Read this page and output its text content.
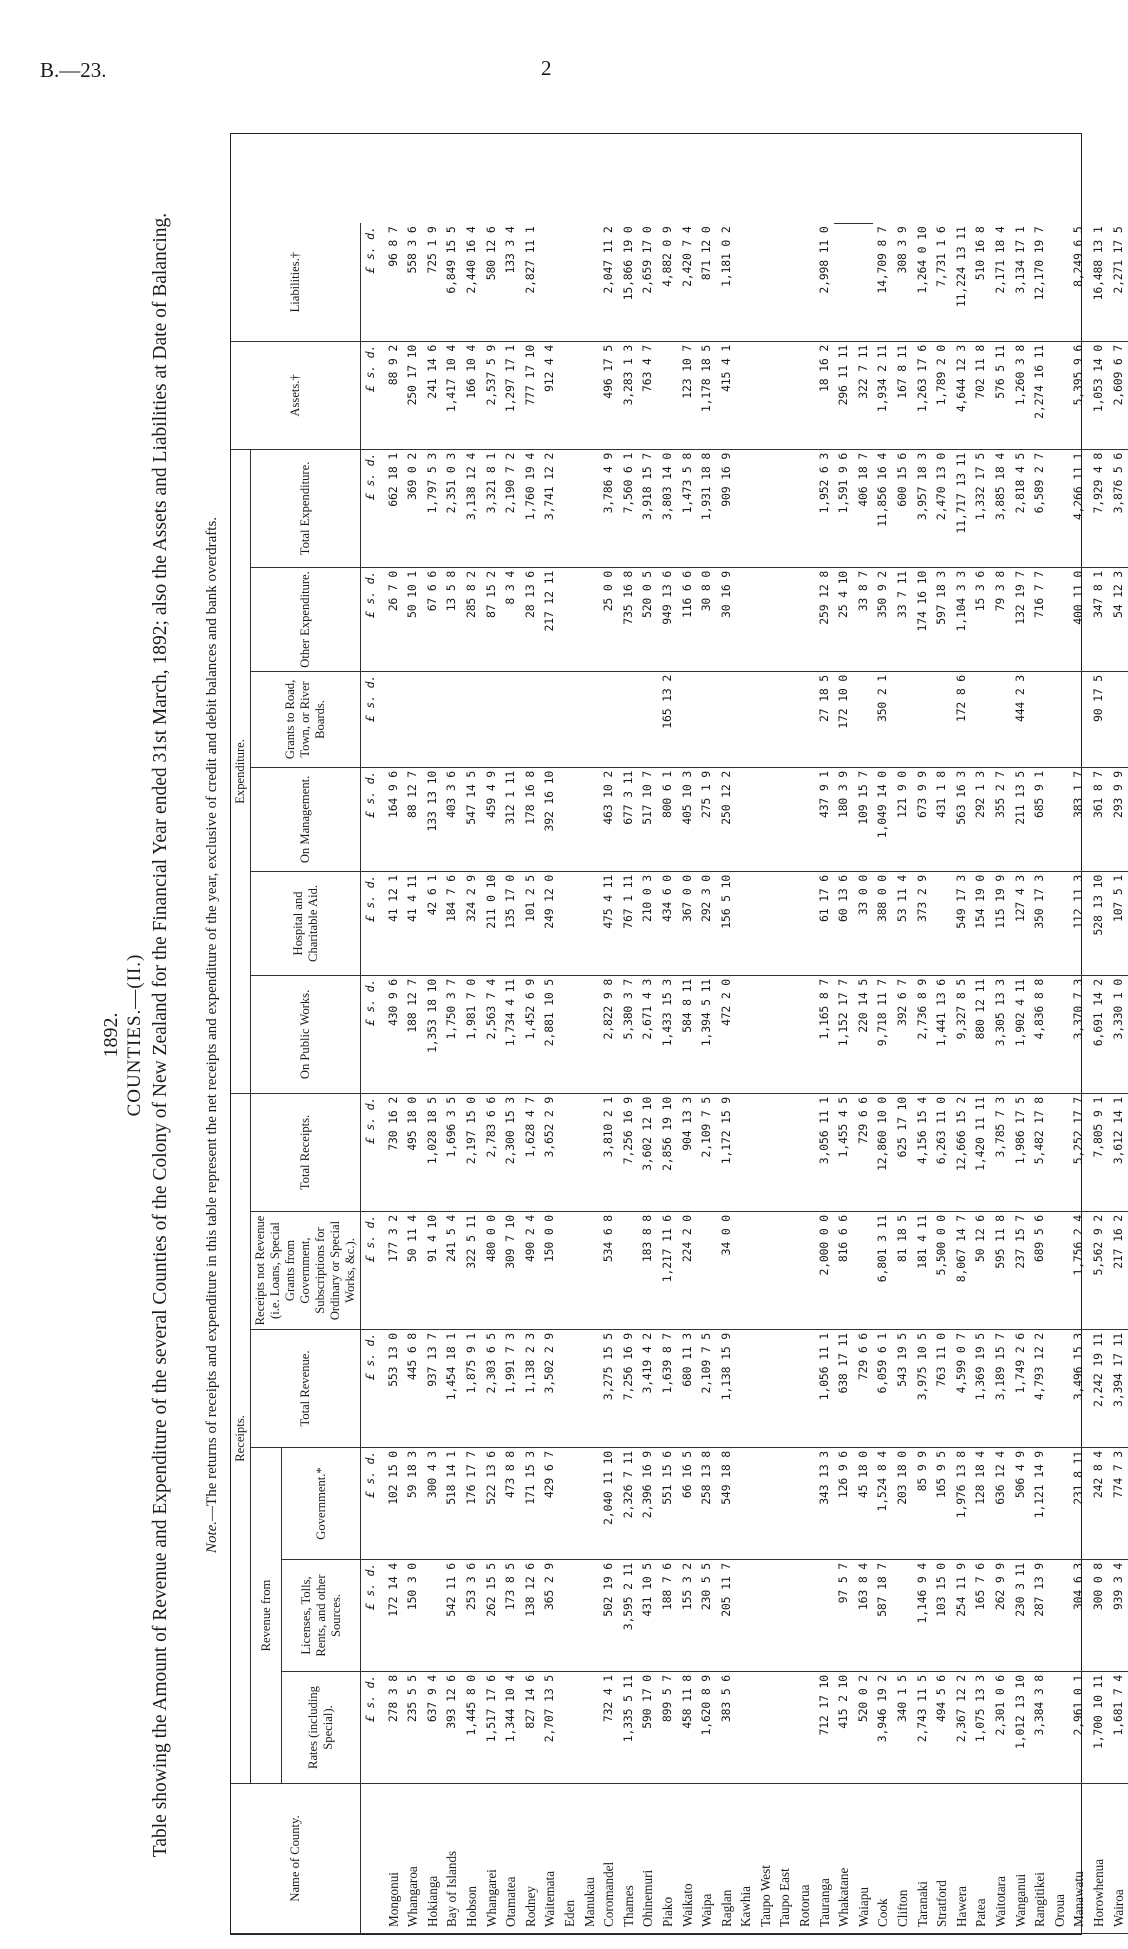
B.—23.	2
1892. COUNTIES.—(II.) Table showing the Amount of Revenue and Expenditure of the several Counties of the Colony of New Zealand for the Financial Year ended 31st March, 1892; also the Assets and Liabilities at Date of Balancing. Note.—The returns of receipts and expenditure in this table represent the net receipts and expenditure of the year, exclusive of credit and debit balances and bank overdrafts.
Name of County.	Receipts.						Expenditure.						Assets.†	Liabilities.†	
	Revenue from			Total Revenue.	Receipts not Revenue (i.e. Loans, Special Grants from Government, Subscriptions for Ordinary or Special Works, &c.).	Total Receipts.	On Public Works.	Hospital and Charitable Aid.	On Management.	Grants to Road, Town, or River Boards.	Other Expenditure.	Total Expenditure.			
	Rates (including Special).	Licenses, Tolls, Rents, and other Sources.	Government.*												
	£ s. d.	£ s. d.	£ s. d.	£ s. d.	£ s. d.	£ s. d.	£ s. d.	£ s. d.	£ s. d.	£ s. d.	£ s. d.	£ s. d.	£ s. d.	£ s. d.	
Mongonui	278 3 8	172 14 4	102 15 0	553 13 0	177 3 2	730 16 2	430 9 6	41 12 1	164 9 6		26 7 0	662 18 1	88 9 2	96 8 7	
Whangaroa	235 5 5	150 3 0	59 18 3	445 6 8	50 11 4	495 18 0	188 12 7	41 4 11	88 12 7		50 10 1	369 0 2	250 17 10	558 3 6	
Hokianga	637 9 4		300 4 3	937 13 7	91 4 10	1,028 18 5	1,353 18 10	42 6 1	133 13 10		67 6 6	1,797 5 3	241 14 6	725 1 9	
Bay of Islands	393 12 6	542 11 6	518 14 1	1,454 18 1	241 5 4	1,696 3 5	1,750 3 7	184 7 6	403 3 6		13 5 8	2,351 0 3	1,417 10 4	6,849 15 5	
Hobson	1,445 8 0	253 3 6	176 17 7	1,875 9 1	322 5 11	2,197 15 0	1,981 7 0	324 2 9	547 14 5		285 8 2	3,138 12 4	166 10 4	2,440 16 4	
Whangarei	1,517 17 6	262 15 5	522 13 6	2,303 6 5	480 0 0	2,783 6 6	2,563 7 4	211 0 10	459 4 9		87 15 2	3,321 8 1	2,537 5 9	580 12 6	
Otamatea	1,344 10 4	173 8 5	473 8 8	1,991 7 3	309 7 10	2,300 15 3	1,734 4 11	135 17 0	312 1 11		8 3 4	2,190 7 2	1,297 17 1	133 3 4	
Rodney	827 14 6	138 12 6	171 15 3	1,138 2 3	490 2 4	1,628 4 7	1,452 6 9	101 2 5	178 16 8		28 13 6	1,760 19 4	777 17 10	2,827 11 1	
Waitemata	2,707 13 5	365 2 9	429 6 7	3,502 2 9	150 0 0	3,652 2 9	2,881 10 5	249 12 0	392 16 10		217 12 11	3,741 12 2	912 4 4		
Eden															
Manukau															
Coromandel	732 4 1	502 19 6	2,040 11 10	3,275 15 5	534 6 8	3,810 2 1	2,822 9 8	475 4 11	463 10 2		25 0 0	3,786 4 9	496 17 5	2,047 11 2	
Thames	1,335 5 11	3,595 2 11	2,326 7 11	7,256 16 9		7,256 16 9	5,380 3 7	767 1 11	677 3 11		735 16 8	7,560 6 1	3,283 1 3	15,866 19 0	
Ohinemuri	590 17 0	431 10 5	2,396 16 9	3,419 4 2	183 8 8	3,602 12 10	2,671 4 3	210 0 3	517 10 7		520 0 5	3,918 15 7	763 4 7	2,659 17 0	
Piako	899 5 7	188 7 6	551 15 6	1,639 8 7	1,217 11 6	2,856 19 10	1,433 15 3	434 6 0	800 6 1	165 13 2	949 13 6	3,803 14 0		4,882 0 9	
Waikato	458 11 8	155 3 2	66 16 5	680 11 3	224 2 0	904 13 3	584 8 11	367 0 0	405 10 3		116 6 6	1,473 5 8	123 10 7	2,420 7 4	
Waipa	1,620 8 9	230 5 5	258 13 8	2,109 7 5		2,109 7 5	1,394 5 11	292 3 0	275 1 9		30 8 0	1,931 18 8	1,178 18 5	871 12 0	
Raglan	383 5 6	205 11 7	549 18 8	1,138 15 9	34 0 0	1,172 15 9	472 2 0	156 5 10	250 12 2		30 16 9	909 16 9	415 4 1	1,181 0 2	
Kawhia															
Taupo West															
Taupo East															
Rotorua															
Tauranga	712 17 10		343 13 3	1,056 11 1	2,000 0 0	3,056 11 1	1,165 8 7	61 17 6	437 9 1	27 18 5	259 12 8	1,952 6 3	18 16 2	2,998 11 0	
Whakatane	415 2 10	97 5 7	126 9 6	638 17 11	816 6 6	1,455 4 5	1,152 17 7	60 13 6	180 3 9	172 10 0	25 4 10	1,591 9 6	296 11 11		
Waiapu	520 0 2	163 8 4	45 18 0	729 6 6		729 6 6	220 14 5	33 0 0	109 15 7		33 8 7	406 18 7	322 7 11		
Cook	3,946 19 2	587 18 7	1,524 8 4	6,059 6 1	6,801 3 11	12,860 10 0	9,718 11 7	388 0 0	1,049 14 0	350 2 1	350 9 2	11,856 16 4	1,934 2 11	14,709 8 7	
Clifton	340 1 5		203 18 0	543 19 5	81 18 5	625 17 10	392 6 7	53 11 4	121 9 0		33 7 11	600 15 6	167 8 11	308 3 9	
Taranaki	2,743 11 5	1,146 9 4	85 9 9	3,975 10 5	181 4 11	4,156 15 4	2,736 8 9	373 2 9	673 9 9		174 16 10	3,957 18 3	1,263 17 6	1,264 0 10	
Stratford	494 5 6	103 15 0	165 9 5	763 11 0	5,500 0 0	6,263 11 0	1,441 13 6		431 1 8		597 18 3	2,470 13 0	1,789 2 0	7,731 1 6	
Hawera	2,367 12 2	254 11 9	1,976 13 8	4,599 0 7	8,067 14 7	12,666 15 2	9,327 8 5	549 17 3	563 16 3	172 8 6	1,104 3 3	11,717 13 11	4,644 12 3	11,224 13 11	
Patea	1,075 13 3	165 7 6	128 18 4	1,369 19 5	50 12 6	1,420 11 11	880 12 11	154 19 0	292 1 3		15 3 6	1,332 17 5	702 11 8	510 16 8	
Waitotara	2,301 0 6	262 9 9	636 12 4	3,189 15 7	595 11 8	3,785 7 3	3,305 13 3	115 19 9	355 2 7		79 3 8	3,885 18 4	576 5 11	2,171 18 4	
Wanganui	1,012 13 10	230 3 11	506 4 9	1,749 2 6	237 15 7	1,986 17 5	1,902 4 11	127 4 3	211 13 5	444 2 3	132 19 7	2,818 4 5	1,260 3 8	3,134 17 1	
Rangitikei	3,384 3 8	287 13 9	1,121 14 9	4,793 12 2	689 5 6	5,482 17 8	4,836 8 8	350 17 3	685 9 1		716 7 7	6,589 2 7	2,274 16 11	12,170 19 7	
Oroua															
Manawatu	2,961 0 1	304 6 3	231 8 11	3,496 15 3	1,756 2 4	5,252 17 7	3,370 7 3	112 11 3	383 1 7		400 11 0	4,266 11 1	5,395 9 6	8,249 6 5	
Horowhenua	1,700 10 11	300 0 8	242 8 4	2,242 19 11	5,562 9 2	7,805 9 1	6,691 14 2	528 13 10	361 8 7	90 17 5	347 8 1	7,929 4 8	1,053 14 0	16,488 13 1	
Wairoa	1,681 7 4	939 3 4	774 7 3	3,394 17 11	217 16 2	3,612 14 1	3,330 1 0	107 5 1	293 9 9		54 12 3	3,876 5 6	2,609 6 7	2,271 17 5	
